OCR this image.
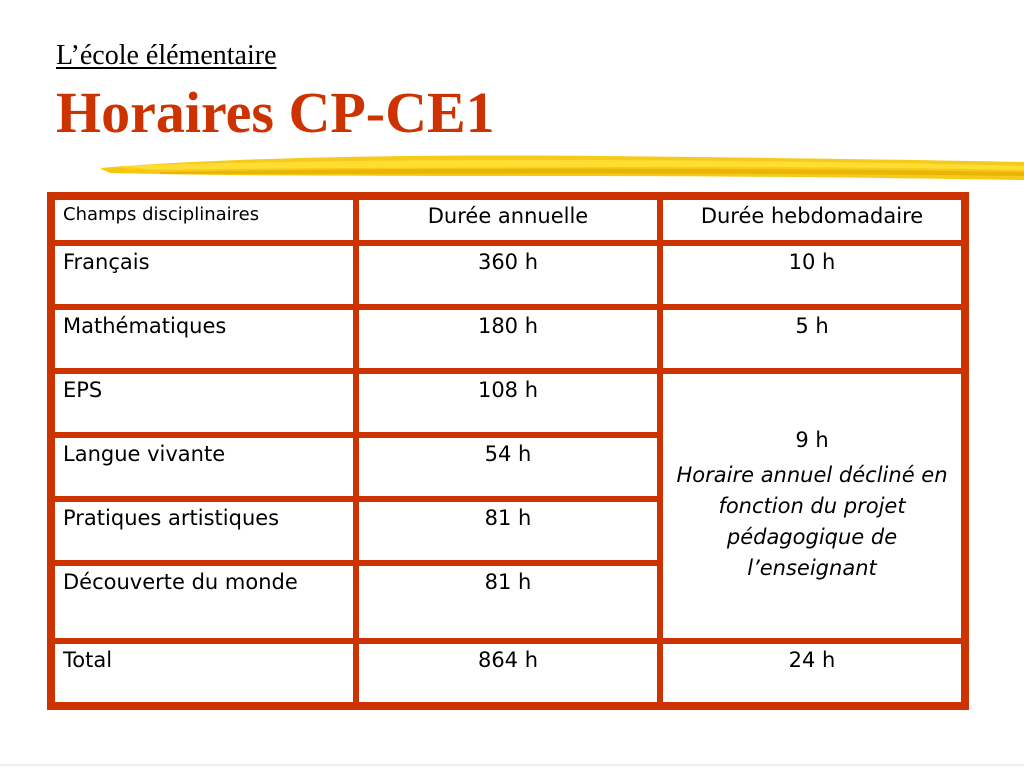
L’école élémentaire
Horaires CP-CE1
Champs disciplinaires	Durée annuelle	Durée hebdomadaire
Français	360 h	10 h
Mathématiques	180 h	5 h
EPS	108 h	9 h
Horaire annuel décliné en fonction du projet pédagogique de l’enseignant

Langue vivante	54 h	
Pratiques artistiques	81 h	
Découverte du monde	81 h	
Total	864 h	24 h
